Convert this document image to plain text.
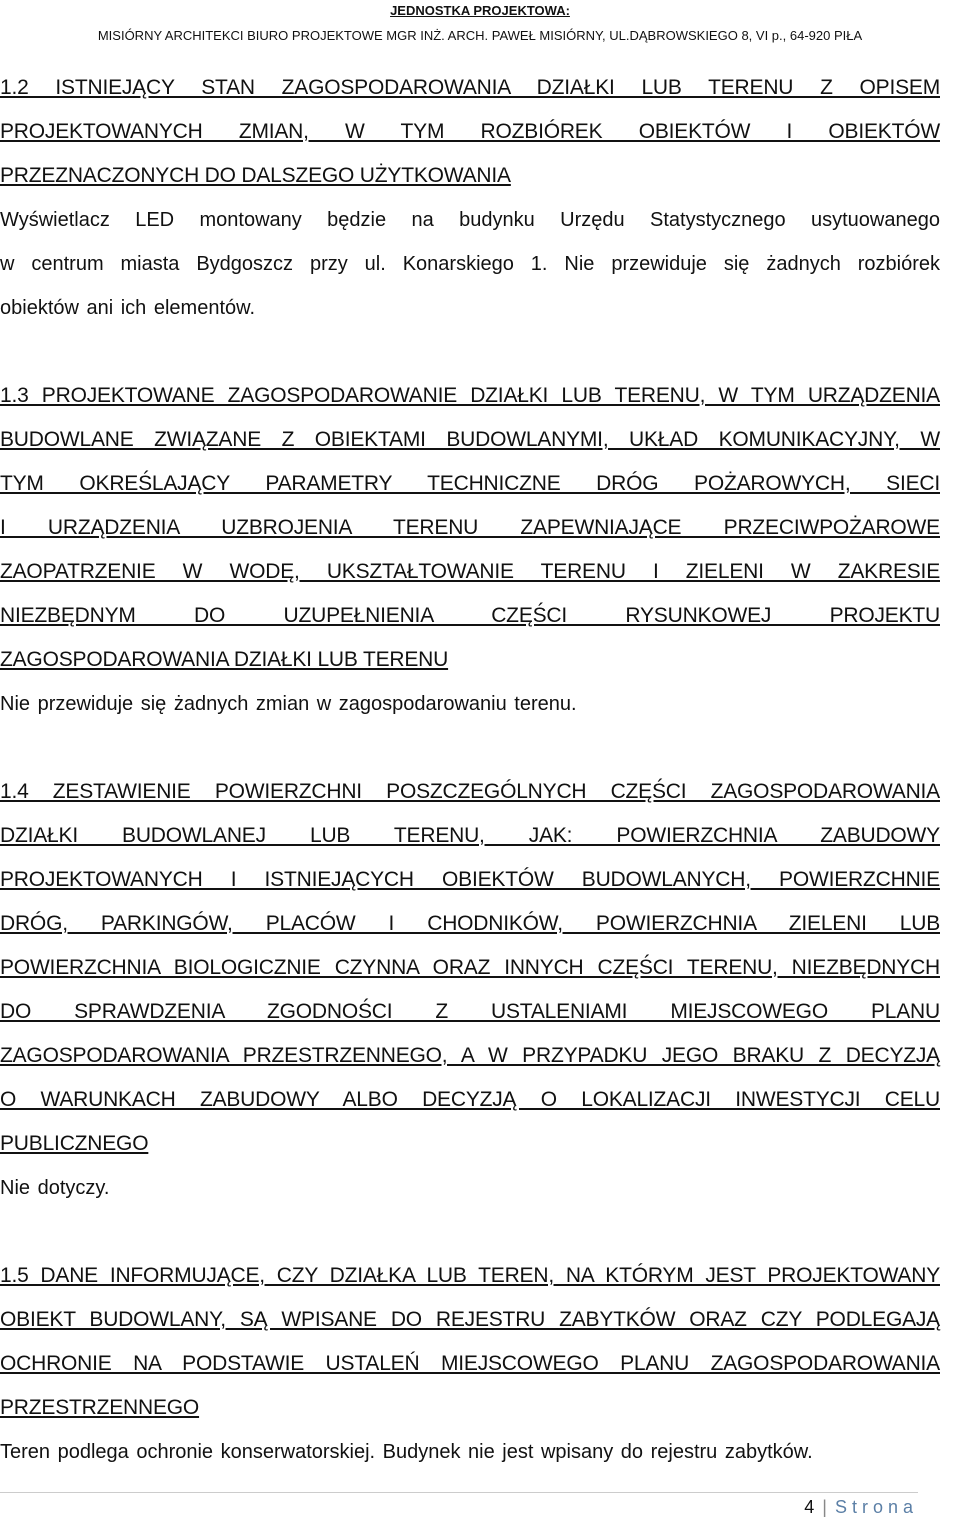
JEDNOSTKA PROJEKTOWA:
MISIÓRNY ARCHITEKCI BIURO PROJEKTOWE MGR INŻ. ARCH. PAWEŁ MISIÓRNY, UL.DĄBROWSKIEGO 8, VI p., 64-920 PIŁA
1.2 ISTNIEJĄCY STAN ZAGOSPODAROWANIA DZIAŁKI LUB TERENU Z OPISEM
PROJEKTOWANYCH ZMIAN, W TYM ROZBIÓREK OBIEKTÓW I OBIEKTÓW
PRZEZNACZONYCH DO DALSZEGO UŻYTKOWANIA
Wyświetlacz LED montowany będzie na budynku Urzędu Statystycznego usytuowanego
w centrum miasta Bydgoszcz przy ul. Konarskiego 1. Nie przewiduje się żadnych rozbiórek
obiektów ani ich elementów.
1.3 PROJEKTOWANE ZAGOSPODAROWANIE DZIAŁKI LUB TERENU, W TYM URZĄDZENIA
BUDOWLANE ZWIĄZANE Z OBIEKTAMI BUDOWLANYMI, UKŁAD KOMUNIKACYJNY, W
TYM OKREŚLAJĄCY PARAMETRY TECHNICZNE DRÓG POŻAROWYCH, SIECI
I URZĄDZENIA UZBROJENIA TERENU ZAPEWNIAJĄCE PRZECIWPOŻAROWE
ZAOPATRZENIE W WODĘ, UKSZTAŁTOWANIE TERENU I ZIELENI W ZAKRESIE
NIEZBĘDNYM DO UZUPEŁNIENIA CZĘŚCI RYSUNKOWEJ PROJEKTU
ZAGOSPODAROWANIA DZIAŁKI LUB TERENU
Nie przewiduje się żadnych zmian w zagospodarowaniu terenu.
1.4 ZESTAWIENIE POWIERZCHNI POSZCZEGÓLNYCH CZĘŚCI ZAGOSPODAROWANIA
DZIAŁKI BUDOWLANEJ LUB TERENU, JAK: POWIERZCHNIA ZABUDOWY
PROJEKTOWANYCH I ISTNIEJĄCYCH OBIEKTÓW BUDOWLANYCH, POWIERZCHNIE
DRÓG, PARKINGÓW, PLACÓW I CHODNIKÓW, POWIERZCHNIA ZIELENI LUB
POWIERZCHNIA BIOLOGICZNIE CZYNNA ORAZ INNYCH CZĘŚCI TERENU, NIEZBĘDNYCH
DO SPRAWDZENIA ZGODNOŚCI Z USTALENIAMI MIEJSCOWEGO PLANU
ZAGOSPODAROWANIA PRZESTRZENNEGO, A W PRZYPADKU JEGO BRAKU Z DECYZJĄ
O WARUNKACH ZABUDOWY ALBO DECYZJĄ O LOKALIZACJI INWESTYCJI CELU
PUBLICZNEGO
Nie dotyczy.
1.5 DANE INFORMUJĄCE, CZY DZIAŁKA LUB TEREN, NA KTÓRYM JEST PROJEKTOWANY
OBIEKT BUDOWLANY, SĄ WPISANE DO REJESTRU ZABYTKÓW ORAZ CZY PODLEGAJĄ
OCHRONIE NA PODSTAWIE USTALEŃ MIEJSCOWEGO PLANU ZAGOSPODAROWANIA
PRZESTRZENNEGO
Teren podlega ochronie konserwatorskiej. Budynek nie jest wpisany do rejestru zabytków.
4 | Strona
